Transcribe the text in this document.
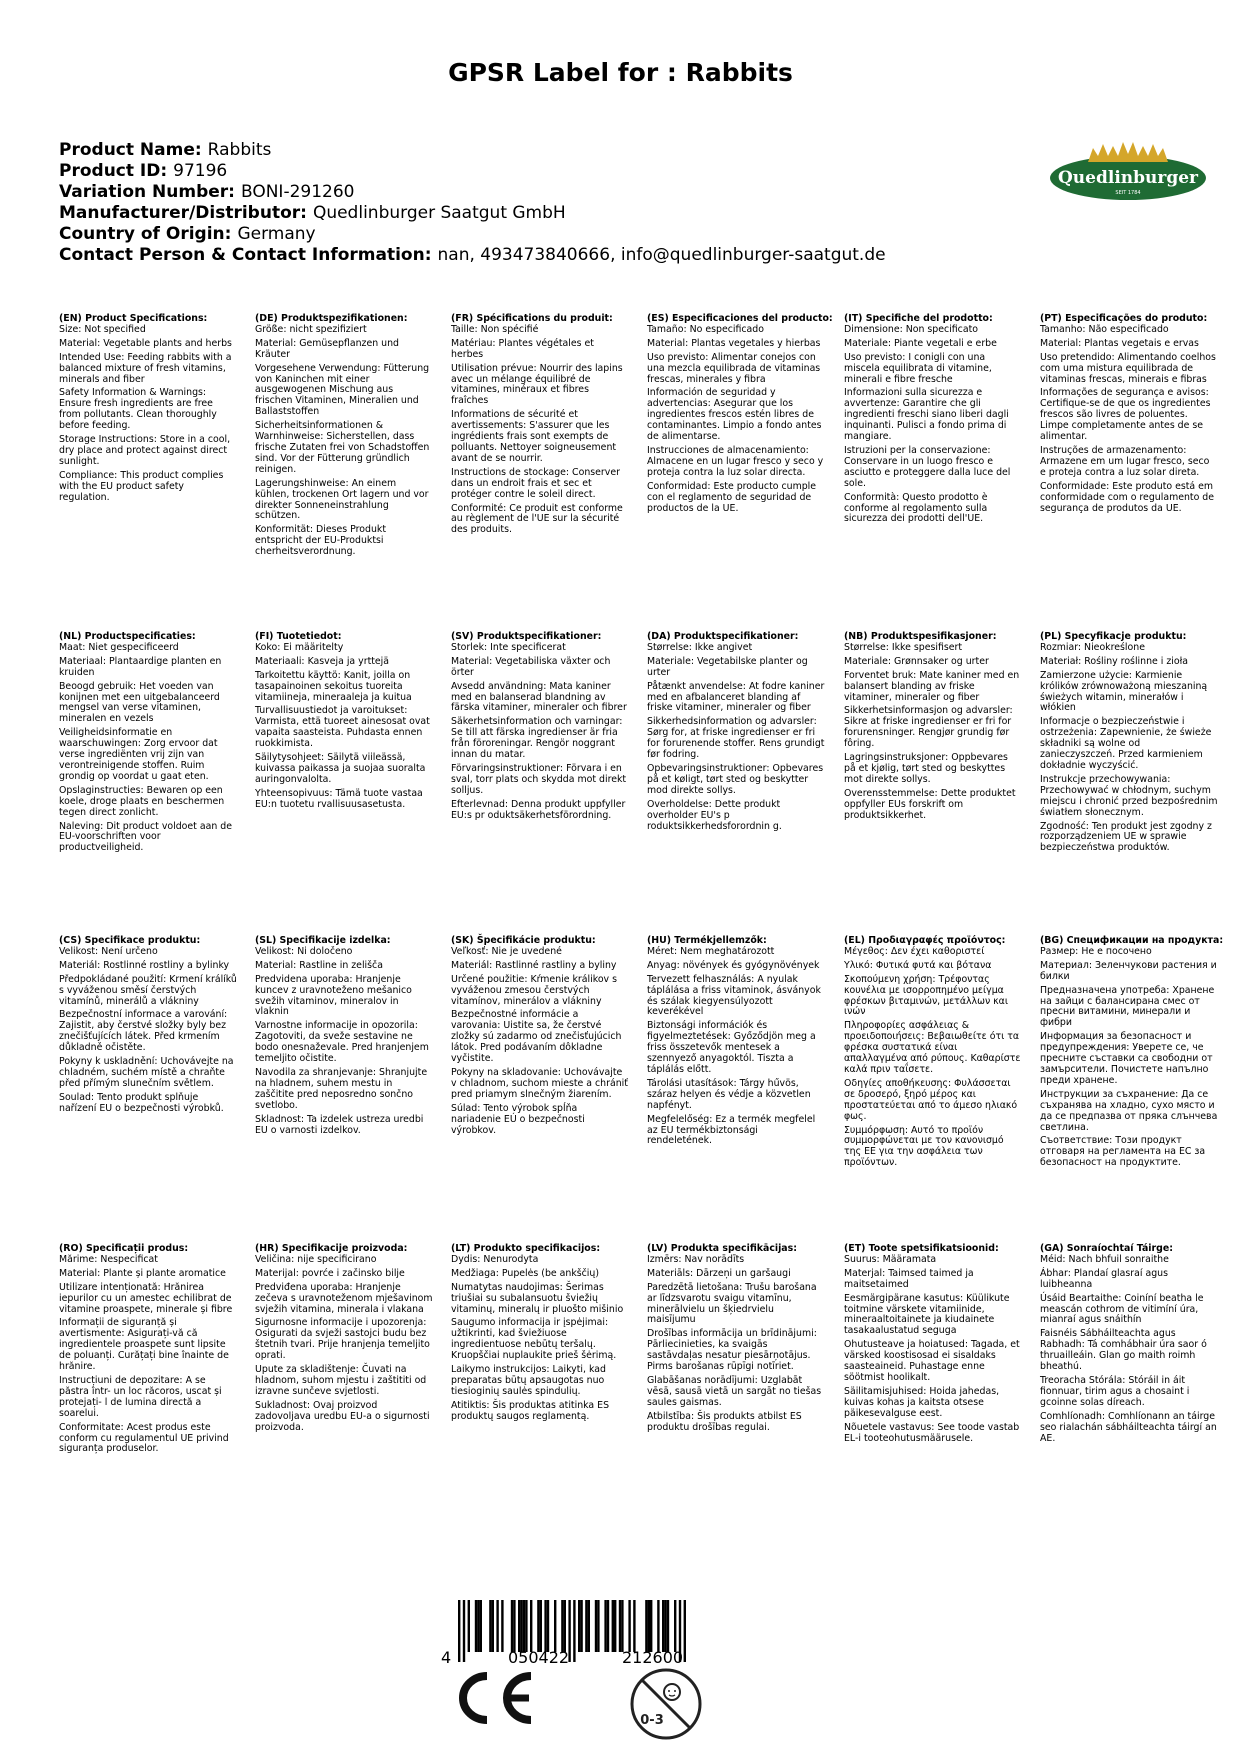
GPSR Label for : Rabbits
Product Name: Rabbits
Product ID: 97196
Variation Number: BONI-291260
Manufacturer/Distributor: Quedlinburger Saatgut GmbH
Country of Origin: Germany
Contact Person & Contact Information: nan, 493473840666, info@quedlinburger-saatgut.de
Quedlinburger
SEIT 1784
(EN) Product Specifications:
Size: Not specified
Material: Vegetable plants and herbs
Intended Use: Feeding rabbits with a balanced mixture of fresh vitamins, minerals and fiber
Safety Information & Warnings: Ensure fresh ingredients are free from pollutants. Clean thoroughly before feeding.
Storage Instructions: Store in a cool, dry place and protect against direct sunlight.
Compliance: This product complies with the EU product safety regulation.
(DE) Produktspezifikationen:
Größe: nicht spezifiziert
Material: Gemüsepflanzen und Kräuter
Vorgesehene Verwendung: Fütterung von Kaninchen mit einer ausgewogenen Mischung aus frischen Vitaminen, Mineralien und Ballaststoffen
Sicherheitsinformationen & Warnhinweise: Sicherstellen, dass frische Zutaten frei von Schadstoffen sind. Vor der Fütterung gründlich reinigen.
Lagerungshinweise: An einem kühlen, trockenen Ort lagern und vor direkter Sonneneinstrahlung schützen.
Konformität: Dieses Produkt entspricht der EU-Produktsi cherheitsverordnung.
(FR) Spécifications du produit:
Taille: Non spécifié
Matériau: Plantes végétales et herbes
Utilisation prévue: Nourrir des lapins avec un mélange équilibré de vitamines, minéraux et fibres fraîches
Informations de sécurité et avertissements: S'assurer que les ingrédients frais sont exempts de polluants. Nettoyer soigneusement avant de se nourrir.
Instructions de stockage: Conserver dans un endroit frais et sec et protéger contre le soleil direct.
Conformité: Ce produit est conforme au règlement de l'UE sur la sécurité des produits.
(ES) Especificaciones del producto:
Tamaño: No especificado
Material: Plantas vegetales y hierbas
Uso previsto: Alimentar conejos con una mezcla equilibrada de vitaminas frescas, minerales y fibra
Información de seguridad y advertencias: Asegurar que los ingredientes frescos estén libres de contaminantes. Limpio a fondo antes de alimentarse.
Instrucciones de almacenamiento: Almacene en un lugar fresco y seco y proteja contra la luz solar directa.
Conformidad: Este producto cumple con el reglamento de seguridad de productos de la UE.
(IT) Specifiche del prodotto:
Dimensione: Non specificato
Materiale: Piante vegetali e erbe
Uso previsto: I conigli con una miscela equilibrata di vitamine, minerali e fibre fresche
Informazioni sulla sicurezza e avvertenze: Garantire che gli ingredienti freschi siano liberi dagli inquinanti. Pulisci a fondo prima di mangiare.
Istruzioni per la conservazione: Conservare in un luogo fresco e asciutto e proteggere dalla luce del sole.
Conformità: Questo prodotto è conforme al regolamento sulla sicurezza dei prodotti dell'UE.
(PT) Especificações do produto:
Tamanho: Não especificado
Material: Plantas vegetais e ervas
Uso pretendido: Alimentando coelhos com uma mistura equilibrada de vitaminas frescas, minerais e fibras
Informações de segurança e avisos: Certifique-se de que os ingredientes frescos são livres de poluentes. Limpe completamente antes de se alimentar.
Instruções de armazenamento: Armazene em um lugar fresco, seco e proteja contra a luz solar direta.
Conformidade: Este produto está em conformidade com o regulamento de segurança de produtos da UE.
(NL) Productspecificaties:
Maat: Niet gespecificeerd
Materiaal: Plantaardige planten en kruiden
Beoogd gebruik: Het voeden van konijnen met een uitgebalanceerd mengsel van verse vitaminen, mineralen en vezels
Veiligheidsinformatie en waarschuwingen: Zorg ervoor dat verse ingrediënten vrij zijn van verontreinigende stoffen. Ruim grondig op voordat u gaat eten.
Opslaginstructies: Bewaren op een koele, droge plaats en beschermen tegen direct zonlicht.
Naleving: Dit product voldoet aan de EU-voorschriften voor productveiligheid.
(FI) Tuotetiedot:
Koko: Ei määritelty
Materiaali: Kasveja ja yrttejä
Tarkoitettu käyttö: Kanit, joilla on tasapainoinen sekoitus tuoreita vitamiineja, mineraaleja ja kuitua
Turvallisuustiedot ja varoitukset: Varmista, että tuoreet ainesosat ovat vapaita saasteista. Puhdasta ennen ruokkimista.
Säilytysohjeet: Säilytä viileässä, kuivassa paikassa ja suojaa suoralta auringonvalolta.
Yhteensopivuus: Tämä tuote vastaa EU:n tuotetu rvallisuusasetusta.
(SV) Produktspecifikationer:
Storlek: Inte specificerat
Material: Vegetabiliska växter och örter
Avsedd användning: Mata kaniner med en balanserad blandning av färska vitaminer, mineraler och fibrer
Säkerhetsinformation och varningar: Se till att färska ingredienser är fria från föroreningar. Rengör noggrant innan du matar.
Förvaringsinstruktioner: Förvara i en sval, torr plats och skydda mot direkt solljus.
Efterlevnad: Denna produkt uppfyller EU:s pr oduktsäkerhetsförordning.
(DA) Produktspecifikationer:
Størrelse: Ikke angivet
Materiale: Vegetabilske planter og urter
Påtænkt anvendelse: At fodre kaniner med en afbalanceret blanding af friske vitaminer, mineraler og fiber
Sikkerhedsinformation og advarsler: Sørg for, at friske ingredienser er fri for forurenende stoffer. Rens grundigt før fodring.
Opbevaringsinstruktioner: Opbevares på et køligt, tørt sted og beskytter mod direkte sollys.
Overholdelse: Dette produkt overholder EU's p roduktsikkerhedsforordnin g.
(NB) Produktspesifikasjoner:
Størrelse: Ikke spesifisert
Materiale: Grønnsaker og urter
Forventet bruk: Mate kaniner med en balansert blanding av friske vitaminer, mineraler og fiber
Sikkerhetsinformasjon og advarsler: Sikre at friske ingredienser er fri for forurensninger. Rengjør grundig før fôring.
Lagringsinstruksjoner: Oppbevares på et kjølig, tørt sted og beskyttes mot direkte sollys.
Overensstemmelse: Dette produktet oppfyller EUs forskrift om produktsikkerhet.
(PL) Specyfikacje produktu:
Rozmiar: Nieokreślone
Materiał: Rośliny roślinne i zioła
Zamierzone użycie: Karmienie królików zrównoważoną mieszaniną świeżych witamin, minerałów i włókien
Informacje o bezpieczeństwie i ostrzeżenia: Zapewnienie, że świeże składniki są wolne od zanieczyszczeń. Przed karmieniem dokładnie wyczyścić.
Instrukcje przechowywania: Przechowywać w chłodnym, suchym miejscu i chronić przed bezpośrednim światłem słonecznym.
Zgodność: Ten produkt jest zgodny z rozporządzeniem UE w sprawie bezpieczeństwa produktów.
(CS) Specifikace produktu:
Velikost: Není určeno
Materiál: Rostlinné rostliny a bylinky
Předpokládané použití: Krmení králíků s vyváženou směsí čerstvých vitamínů, minerálů a vlákniny
Bezpečnostní informace a varování: Zajistit, aby čerstvé složky byly bez znečišťujících látek. Před krmením důkladně očistěte.
Pokyny k uskladnění: Uchovávejte na chladném, suchém místě a chraňte před přímým slunečním světlem.
Soulad: Tento produkt splňuje nařízení EU o bezpečnosti výrobků.
(SL) Specifikacije izdelka:
Velikost: Ni določeno
Material: Rastline in zelišča
Predvidena uporaba: Hranjenje kuncev z uravnoteženo mešanico svežih vitaminov, mineralov in vlaknin
Varnostne informacije in opozorila: Zagotoviti, da sveže sestavine ne bodo onesnaževale. Pred hranjenjem temeljito očistite.
Navodila za shranjevanje: Shranjujte na hladnem, suhem mestu in zaščitite pred neposredno sončno svetlobo.
Skladnost: Ta izdelek ustreza uredbi EU o varnosti izdelkov.
(SK) Špecifikácie produktu:
Veľkosť: Nie je uvedené
Materiál: Rastlinné rastliny a byliny
Určené použitie: Kŕmenie králikov s vyváženou zmesou čerstvých vitamínov, minerálov a vlákniny
Bezpečnostné informácie a varovania: Uistite sa, že čerstvé zložky sú zadarmo od znečisťujúcich látok. Pred podávaním dôkladne vyčistite.
Pokyny na skladovanie: Uchovávajte v chladnom, suchom mieste a chrániť pred priamym slnečným žiarením.
Súlad: Tento výrobok spĺňa nariadenie EÚ o bezpečnosti výrobkov.
(HU) Termékjellemzők:
Méret: Nem meghatározott
Anyag: növények és gyógynövények
Tervezett felhasználás: A nyulak táplálása a friss vitaminok, ásványok és szálak kiegyensúlyozott keverékével
Biztonsági információk és figyelmeztetések: Győződjön meg a friss összetevők mentesek a szennyező anyagoktól. Tiszta a táplálás előtt.
Tárolási utasítások: Tárgy hűvös, száraz helyen és védje a közvetlen napfényt.
Megfelelőség: Ez a termék megfelel az EU termékbiztonsági rendeletének.
(EL) Προδιαγραφές προϊόντος:
Μέγεθος: Δεν έχει καθοριστεί
Υλικό: Φυτικά φυτά και βότανα
Σκοπούμενη χρήση: Τρέφοντας κουνέλια με ισορροπημένο μείγμα φρέσκων βιταμινών, μετάλλων και ινών
Πληροφορίες ασφάλειας & προειδοποιήσεις: Βεβαιωθείτε ότι τα φρέσκα συστατικά είναι απαλλαγμένα από ρύπους. Καθαρίστε καλά πριν ταΐσετε.
Οδηγίες αποθήκευσης: Φυλάσσεται σε δροσερό, ξηρό μέρος και προστατεύεται από το άμεσο ηλιακό φως.
Συμμόρφωση: Αυτό το προϊόν συμμορφώνεται με τον κανονισμό της ΕΕ για την ασφάλεια των προϊόντων.
(BG) Спецификации на продукта:
Размер: Не е посочено
Материал: Зеленчукови растения и билки
Предназначена употреба: Хранене на зайци с балансирана смес от пресни витамини, минерали и фибри
Информация за безопасност и предупреждения: Уверете се, че пресните съставки са свободни от замърсители. Почистете напълно преди хранене.
Инструкции за съхранение: Да се съхранява на хладно, сухо място и да се предпазва от пряка слънчева светлина.
Съответствие: Този продукт отговаря на регламента на ЕС за безопасност на продуктите.
(RO) Specificații produs:
Mărime: Nespecificat
Material: Plante și plante aromatice
Utilizare intenționată: Hrănirea iepurilor cu un amestec echilibrat de vitamine proaspete, minerale și fibre
Informații de siguranță și avertismente: Asigurați-vă că ingredientele proaspete sunt lipsite de poluanți. Curățați bine înainte de hrănire.
Instrucțiuni de depozitare: A se păstra într- un loc răcoros, uscat și protejați- l de lumina directă a soarelui.
Conformitate: Acest produs este conform cu regulamentul UE privind siguranța produselor.
(HR) Specifikacije proizvoda:
Veličina: nije specificirano
Materijal: povrće i začinsko bilje
Predviđena uporaba: Hranjenje zečeva s uravnoteženom mješavinom svježih vitamina, minerala i vlakana
Sigurnosne informacije i upozorenja: Osigurati da svježi sastojci budu bez štetnih tvari. Prije hranjenja temeljito oprati.
Upute za skladištenje: Čuvati na hladnom, suhom mjestu i zaštititi od izravne sunčeve svjetlosti.
Sukladnost: Ovaj proizvod zadovoljava uredbu EU-a o sigurnosti proizvoda.
(LT) Produkto specifikacijos:
Dydis: Nenurodyta
Medžiaga: Pupelės (be ankščių)
Numatytas naudojimas: Šerimas triušiai su subalansuotu šviežių vitaminų, mineralų ir pluošto mišinio
Saugumo informacija ir įspėjimai: užtikrinti, kad šviežiuose ingredientuose nebūtų teršalų. Kruopščiai nuplaukite prieš šėrimą.
Laikymo instrukcijos: Laikyti, kad preparatas būtų apsaugotas nuo tiesioginių saulės spindulių.
Atitiktis: Šis produktas atitinka ES produktų saugos reglamentą.
(LV) Produkta specifikācijas:
Izmērs: Nav norādīts
Materiāls: Dārzeņi un garšaugi
Paredzētā lietošana: Trušu barošana ar līdzsvarotu svaigu vitamīnu, minerālvielu un šķiedrvielu maisījumu
Drošības informācija un brīdinājumi: Pārliecinieties, ka svaigās sastāvdaļas nesatur piesārņotājus. Pirms barošanas rūpīgi notīriet.
Glabāšanas norādījumi: Uzglabāt vēsā, sausā vietā un sargāt no tiešas saules gaismas.
Atbilstība: Šis produkts atbilst ES produktu drošības regulai.
(ET) Toote spetsifikatsioonid:
Suurus: Määramata
Materjal: Taimsed taimed ja maitsetaimed
Eesmärgipärane kasutus: Küülikute toitmine värskete vitamiinide, mineraaltoitainete ja kiudainete tasakaalustatud seguga
Ohutusteave ja hoiatused: Tagada, et värsked koostisosad ei sisaldaks saasteaineid. Puhastage enne söötmist hoolikalt.
Säilitamisjuhised: Hoida jahedas, kuivas kohas ja kaitsta otsese päikesevalguse eest.
Nõuetele vastavus: See toode vastab EL-i tooteohutusmäärusele.
(GA) Sonraíochtaí Táirge:
Méid: Nach bhfuil sonraithe
Ábhar: Plandaí glasraí agus luibheanna
Úsáid Beartaithe: Coiníní beatha le meascán cothrom de vitimíní úra, mianraí agus snáithín
Faisnéis Sábháilteachta agus Rabhadh: Tá comhábhair úra saor ó thruailleáin. Glan go maith roimh bheathú.
Treoracha Stórála: Stóráil in áit fionnuar, tirim agus a chosaint i gcoinne solas díreach.
Comhlíonadh: Comhlíonann an táirge seo rialachán sábháilteachta táirgí an AE.
4	050422	212600
0-3
